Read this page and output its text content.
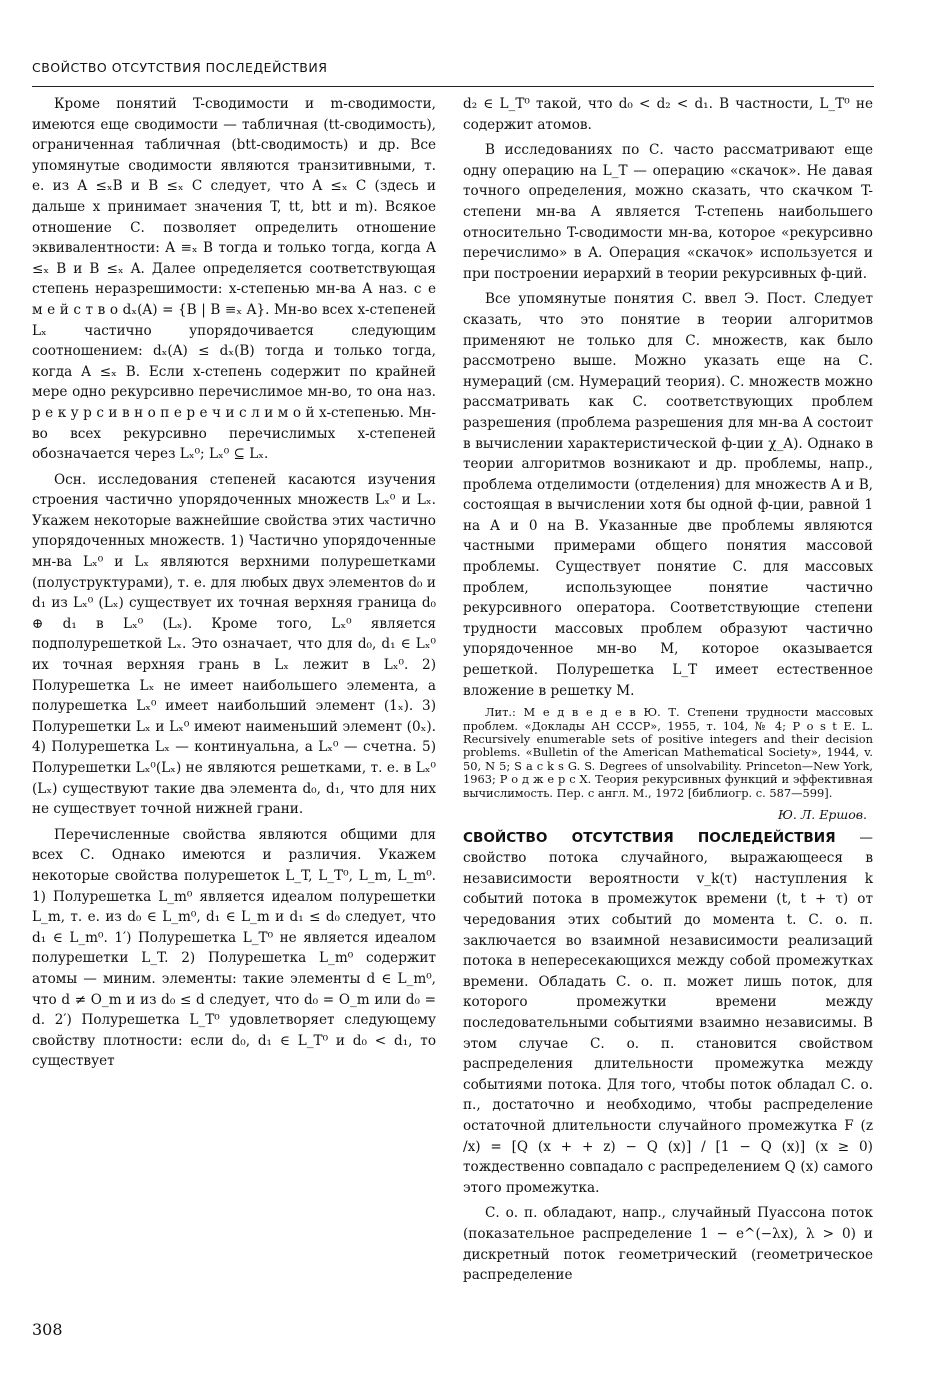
СВОЙСТВО ОТСУТСТВИЯ ПОСЛЕДЕЙСТВИЯ

Кроме понятий T-сводимости и m-сводимости, имеются еще сводимости — табличная (tt-сводимость), ограниченная табличная (btt-сводимость) и др. Все упомянутые сводимости являются транзитивными, т. е. из A ≤ₓB и B ≤ₓ C следует, что A ≤ₓ C (здесь и дальше x принимает значения T, tt, btt и m). Всякое отношение С. позволяет определить отношение эквивалентности: A ≡ₓ B тогда и только тогда, когда A ≤ₓ B и B ≤ₓ A. Далее определяется соответствующая степень неразрешимости: x-степенью мн-ва A наз. с е м е й с т в о dₓ(A) = {B | B ≡ₓ A}. Мн-во всех x-степеней Lₓ частично упорядочивается следующим соотношением: dₓ(A) ≤ dₓ(B) тогда и только тогда, когда A ≤ₓ B. Если x-степень содержит по крайней мере одно рекурсивно перечислимое мн-во, то она наз. р е к у р с и в н о п е р е ч и с л и м о й x-степенью. Мн-во всех рекурсивно перечислимых x-степеней обозначается через Lₓ⁰; Lₓ⁰ ⊆ Lₓ.

Осн. исследования степеней касаются изучения строения частично упорядоченных множеств Lₓ⁰ и Lₓ. Укажем некоторые важнейшие свойства этих частично упорядоченных множеств. 1) Частично упорядоченные мн-ва Lₓ⁰ и Lₓ являются верхними полурешетками (полуструктурами), т. е. для любых двух элементов d₀ и d₁ из Lₓ⁰ (Lₓ) существует их точная верхняя граница d₀ ⊕ d₁ в Lₓ⁰ (Lₓ). Кроме того, Lₓ⁰ является подполурешеткой Lₓ. Это означает, что для d₀, d₁ ∈ Lₓ⁰ их точная верхняя грань в Lₓ лежит в Lₓ⁰. 2) Полурешетка Lₓ не имеет наибольшего элемента, а полурешетка Lₓ⁰ имеет наибольший элемент (1ₓ). 3) Полурешетки Lₓ и Lₓ⁰ имеют наименьший элемент (0ₓ). 4) Полурешетка Lₓ — континуальна, а Lₓ⁰ — счетна. 5) Полурешетки Lₓ⁰(Lₓ) не являются решетками, т. е. в Lₓ⁰ (Lₓ) существуют такие два элемента d₀, d₁, что для них не существует точной нижней грани.

Перечисленные свойства являются общими для всех С. Однако имеются и различия. Укажем некоторые свойства полурешеток L_T, L_T⁰, L_m, L_m⁰. 1) Полурешетка L_m⁰ является идеалом полурешетки L_m, т. е. из d₀ ∈ L_m⁰, d₁ ∈ L_m и d₁ ≤ d₀ следует, что d₁ ∈ L_m⁰. 1′) Полурешетка L_T⁰ не является идеалом полурешетки L_T. 2) Полурешетка L_m⁰ содержит атомы — миним. элементы: такие элементы d ∈ L_m⁰, что d ≠ O_m и из d₀ ≤ d следует, что d₀ = O_m или d₀ = d. 2′) Полурешетка L_T⁰ удовлетворяет следующему свойству плотности: если d₀, d₁ ∈ L_T⁰ и d₀ < d₁, то существует

d₂ ∈ L_T⁰ такой, что d₀ < d₂ < d₁. В частности, L_T⁰ не содержит атомов.

В исследованиях по С. часто рассматривают еще одну операцию на L_T — операцию «скачок». Не давая точного определения, можно сказать, что скачком T-степени мн-ва A является T-степень наибольшего относительно T-сводимости мн-ва, которое «рекурсивно перечислимо» в A. Операция «скачок» используется и при построении иерархий в теории рекурсивных ф-ций.

Все упомянутые понятия С. ввел Э. Пост. Следует сказать, что это понятие в теории алгоритмов применяют не только для С. множеств, как было рассмотрено выше. Можно указать еще на С. нумераций (см. Нумераций теория). С. множеств можно рассматривать как С. соответствующих проблем разрешения (проблема разрешения для мн-ва A состоит в вычислении характеристической ф-ции χ_A). Однако в теории алгоритмов возникают и др. проблемы, напр., проблема отделимости (отделения) для множеств A и B, состоящая в вычислении хотя бы одной ф-ции, равной 1 на A и 0 на B. Указанные две проблемы являются частными примерами общего понятия массовой проблемы. Существует понятие С. для массовых проблем, использующее понятие частично рекурсивного оператора. Соответствующие степени трудности массовых проблем образуют частично упорядоченное мн-во M, которое оказывается решеткой. Полурешетка L_T имеет естественное вложение в решетку M.

Лит.: М е д в е д е в Ю. Т. Степени трудности массовых проблем. «Доклады АН СССР», 1955, т. 104, № 4; P o s t E. L. Recursively enumerable sets of positive integers and their decision problems. «Bulletin of the American Mathematical Society», 1944, v. 50, N 5; S a c k s G. S. Degrees of unsolvability. Princeton—New York, 1963; Р о д ж е р с Х. Теория рекурсивных функций и эффективная вычислимость. Пер. с англ. М., 1972 [библиогр. с. 587—599].

Ю. Л. Ершов.

СВОЙСТВО ОТСУТСТВИЯ ПОСЛЕДЕЙСТВИЯ — свойство потока случайного, выражающееся в независимости вероятности v_k(τ) наступления k событий потока в промежуток времени (t, t + τ) от чередования этих событий до момента t. С. о. п. заключается во взаимной независимости реализаций потока в непересекающихся между собой промежутках времени. Обладать С. о. п. может лишь поток, для которого промежутки времени между последовательными событиями взаимно независимы. В этом случае С. о. п. становится свойством распределения длительности промежутка между событиями потока. Для того, чтобы поток обладал С. о. п., достаточно и необходимо, чтобы распределение остаточной длительности случайного промежутка F (z /x) = [Q (x + + z) − Q (x)] / [1 − Q (x)] (x ≥ 0) тождественно совпадало с распределением Q (x) самого этого промежутка.

С. о. п. обладают, напр., случайный Пуассона поток (показательное распределение 1 − e^(−λx), λ > 0) и дискретный поток геометрический (геометрическое распределение

308
